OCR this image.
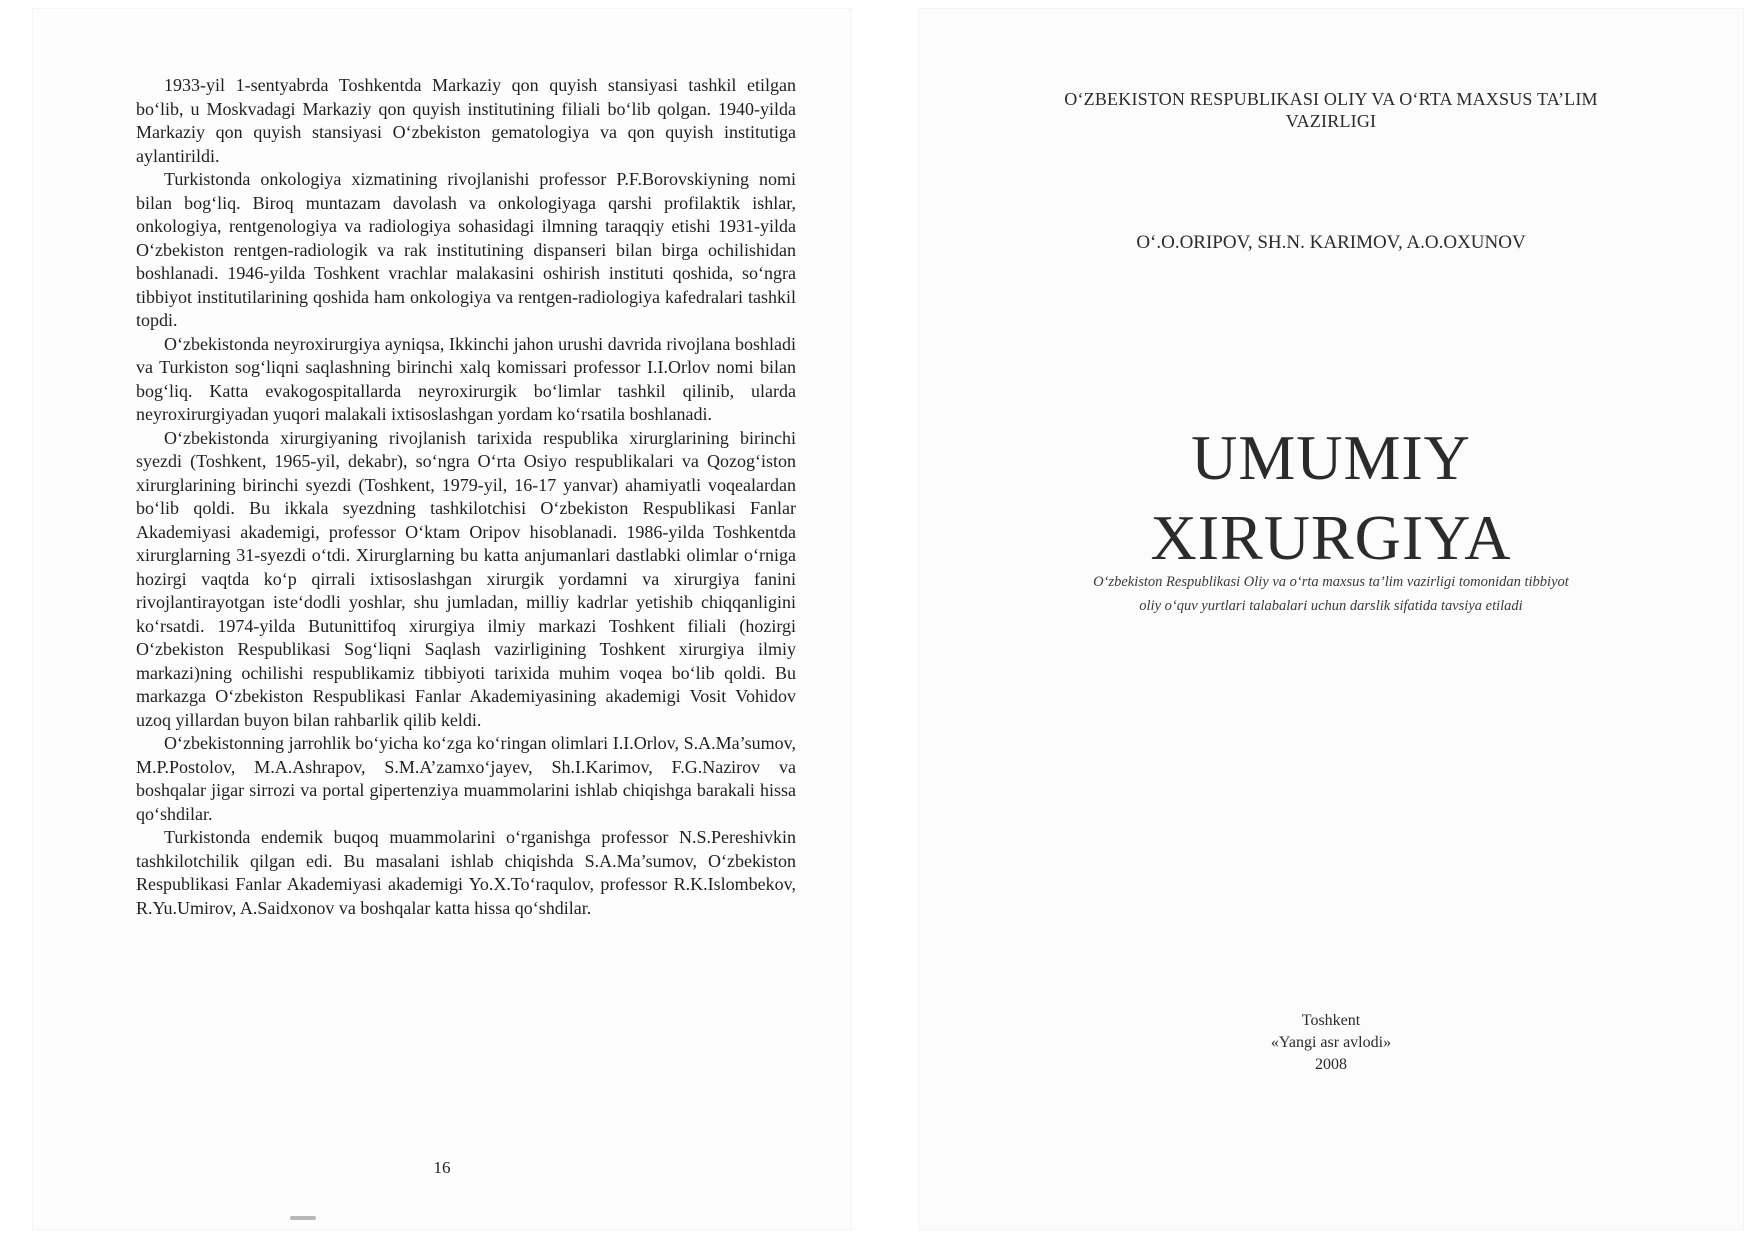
1933-yil 1-sentyabrda Toshkentda Markaziy qon quyish stansiyasi tashkil etilgan bo‘lib, u Moskvadagi Markaziy qon quyish institutining filiali bo‘lib qolgan. 1940-yilda Markaziy qon quyish stansiyasi O‘zbekiston gematologiya va qon quyish institutiga aylantirildi.

Turkistonda onkologiya xizmatining rivojlanishi professor P.F.Borovskiyning nomi bilan bog‘liq. Biroq muntazam davolash va onkologiyaga qarshi profilaktik ishlar, onkologiya, rentgenologiya va radiologiya sohasidagi ilmning taraqqiy etishi 1931-yilda O‘zbekiston rentgen-radiologik va rak institutining dispanseri bilan birga ochilishidan boshlanadi. 1946-yilda Toshkent vrachlar malakasini oshirish instituti qoshida, so‘ngra tibbiyot institutilarining qoshida ham onkologiya va rentgen-radiologiya kafedralari tashkil topdi.

O‘zbekistonda neyroxirurgiya ayniqsa, Ikkinchi jahon urushi davrida rivojlana boshladi va Turkiston sog‘liqni saqlashning birinchi xalq komissari professor I.I.Orlov nomi bilan bog‘liq. Katta evakogospitallarda neyroxirurgik bo‘limlar tashkil qilinib, ularda neyroxirurgiyadan yuqori malakali ixtisoslashgan yordam ko‘rsatila boshlanadi.

O‘zbekistonda xirurgiyaning rivojlanish tarixida respublika xirurglarining birinchi syezdi (Toshkent, 1965-yil, dekabr), so‘ngra O‘rta Osiyo respublikalari va Qozog‘iston xirurglarining birinchi syezdi (Toshkent, 1979-yil, 16-17 yanvar) ahamiyatli voqealardan bo‘lib qoldi. Bu ikkala syezdning tashkilotchisi O‘zbekiston Respublikasi Fanlar Akademiyasi akademigi, professor O‘ktam Oripov hisoblanadi. 1986-yilda Toshkentda xirurglarning 31-syezdi o‘tdi. Xirurglarning bu katta anjumanlari dastlabki olimlar o‘rniga hozirgi vaqtda ko‘p qirrali ixtisoslashgan xirurgik yordamni va xirurgiya fanini rivojlantirayotgan iste‘dodli yoshlar, shu jumladan, milliy kadrlar yetishib chiqqanligini ko‘rsatdi. 1974-yilda Butunittifoq xirurgiya ilmiy markazi Toshkent filiali (hozirgi O‘zbekiston Respublikasi Sog‘liqni Saqlash vazirligining Toshkent xirurgiya ilmiy markazi)ning ochilishi respublikamiz tibbiyoti tarixida muhim voqea bo‘lib qoldi. Bu markazga O‘zbekiston Respublikasi Fanlar Akademiyasining akademigi Vosit Vohidov uzoq yillardan buyon bilan rahbarlik qilib keldi.

O‘zbekistonning jarrohlik bo‘yicha ko‘zga ko‘ringan olimlari I.I.Orlov, S.A.Ma’sumov, M.P.Postolov, M.A.Ashrapov, S.M.A’zamxo‘jayev, Sh.I.Karimov, F.G.Nazirov va boshqalar jigar sirrozi va portal gipertenziya muammolarini ishlab chiqishga barakali hissa qo‘shdilar.

Turkistonda endemik buqoq muammolarini o‘rganishga professor N.S.Pereshivkin tashkilotchilik qilgan edi. Bu masalani ishlab chiqishda S.A.Ma’sumov, O‘zbekiston Respublikasi Fanlar Akademiyasi akademigi Yo.X.To‘raqulov, professor R.K.Islombekov, R.Yu.Umirov, A.Saidxonov va boshqalar katta hissa qo‘shdilar.

16
O‘ZBEKISTON RESPUBLIKASI OLIY VA O‘RTA MAXSUS TA’LIM
VAZIRLIGI
O‘.O.ORIPOV, SH.N. KARIMOV, A.O.OXUNOV
UMUMIY
XIRURGIYA
O‘zbekiston Respublikasi Oliy va o‘rta maxsus ta’lim vazirligi tomonidan tibbiyot
oliy o‘quv yurtlari talabalari uchun darslik sifatida tavsiya etiladi
Toshkent
«Yangi asr avlodi»
2008
